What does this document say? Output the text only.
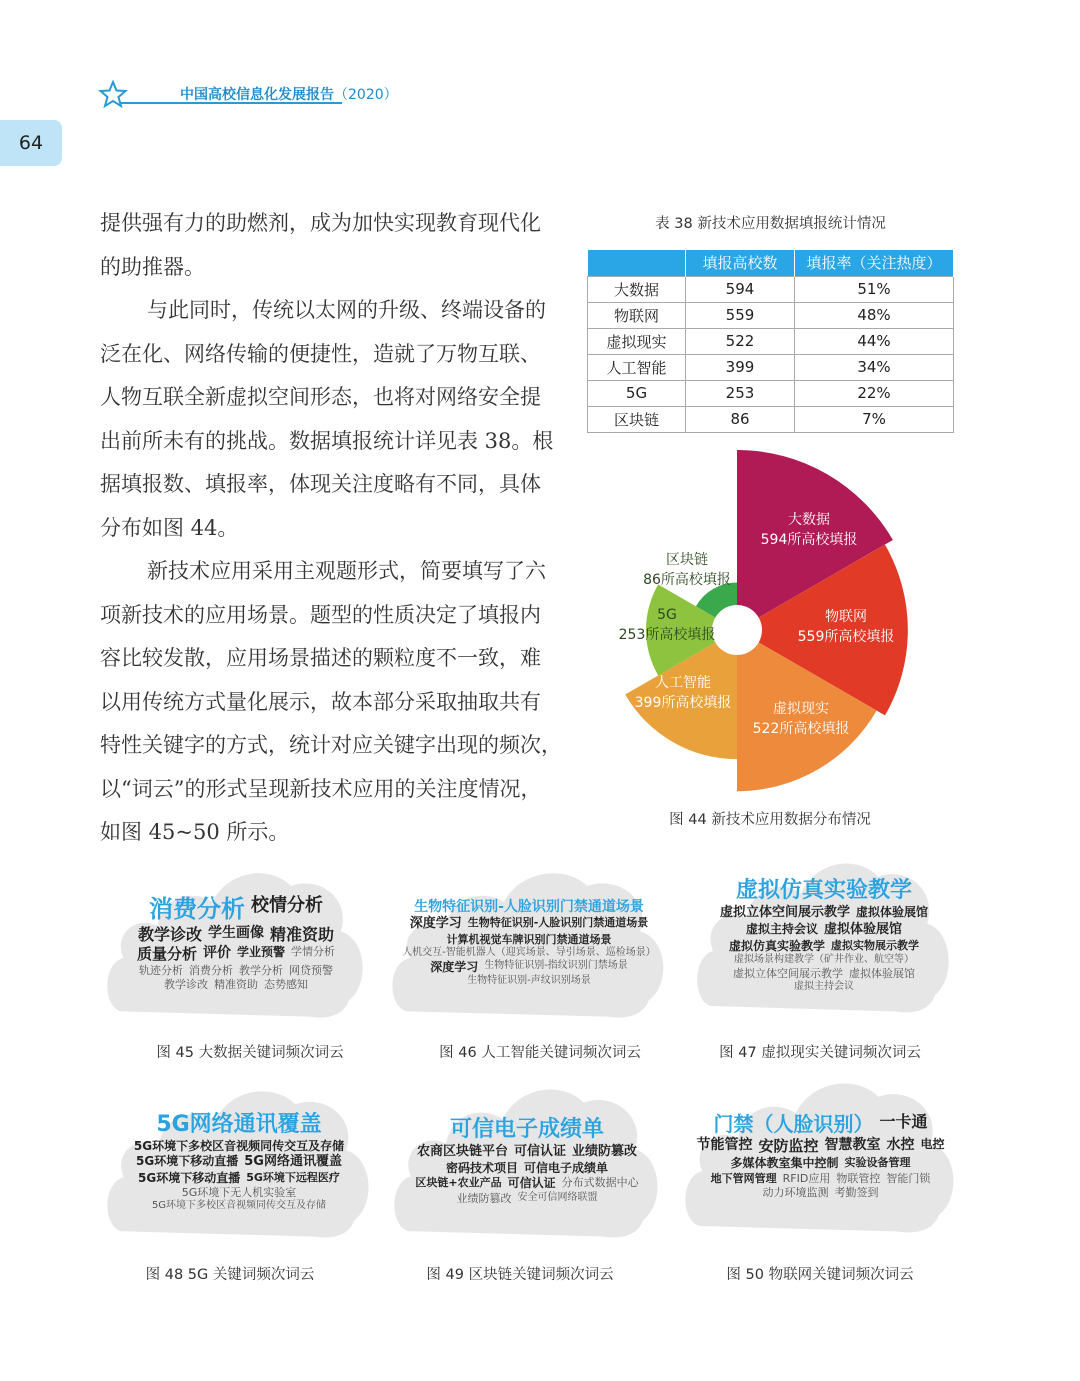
中国高校信息化发展报告（2020）
64
提供强有力的助燃剂，成为加快实现教育现代化
的助推器。
与此同时，传统以太网的升级、终端设备的
泛在化、网络传输的便捷性，造就了万物互联、
人物互联全新虚拟空间形态，也将对网络安全提
出前所未有的挑战。数据填报统计详见表 38。根
据填报数、填报率，体现关注度略有不同，具体
分布如图 44。
新技术应用采用主观题形式，简要填写了六
项新技术的应用场景。题型的性质决定了填报内
容比较发散，应用场景描述的颗粒度不一致，难
以用传统方式量化展示，故本部分采取抽取共有
特性关键字的方式，统计对应关键字出现的频次，
以“词云”的形式呈现新技术应用的关注度情况，
如图 45~50 所示。
表 38 新技术应用数据填报统计情况
	填报高校数	填报率（关注热度）
大数据	594	51%
物联网	559	48%
虚拟现实	522	44%
人工智能	399	34%
5G	253	22%
区块链	86	7%
大数据
594所高校填报
物联网
559所高校填报
虚拟现实
522所高校填报
人工智能
399所高校填报
5G
253所高校填报
区块链
86所高校填报
图 44 新技术应用数据分布情况
消费分析 校情分析
教学诊改 学生画像 精准资助
质量分析 评价 学业预警 学情分析
轨迹分析 消费分析 教学分析 网贷预警
教学诊改 精准资助 态势感知
图 45 大数据关键词频次词云
生物特征识别-人脸识别门禁通道场景
深度学习 生物特征识别-人脸识别门禁通道场景
计算机视觉车牌识别门禁通道场景
人机交互-智能机器人（迎宾场景、导引场景、巡检场景）
深度学习 生物特征识别-指纹识别门禁场景
生物特征识别-声纹识别场景
图 46 人工智能关键词频次词云
虚拟仿真实验教学
虚拟立体空间展示教学 虚拟体验展馆
虚拟主持会议 虚拟体验展馆
虚拟仿真实验教学 虚拟实物展示教学
虚拟场景构建教学（矿井作业、航空等）
虚拟立体空间展示教学 虚拟体验展馆
虚拟主持会议
图 47 虚拟现实关键词频次词云
5G网络通讯覆盖
5G环境下多校区音视频同传交互及存储
5G环境下移动直播 5G网络通讯覆盖
5G环境下移动直播 5G环境下远程医疗
5G环境下无人机实验室
5G环境下多校区音视频同传交互及存储
图 48 5G 关键词频次词云
可信电子成绩单
农商区块链平台 可信认证 业绩防篡改
密码技术项目 可信电子成绩单
区块链+农业产品 可信认证 分布式数据中心
业绩防篡改 安全可信网络联盟
图 49 区块链关键词频次词云
门禁（人脸识别） 一卡通
节能管控 安防监控 智慧教室 水控 电控
多媒体教室集中控制 实验设备管理
地下管网管理 RFID应用 物联管控 智能门锁
动力环境监测 考勤签到
图 50 物联网关键词频次词云
